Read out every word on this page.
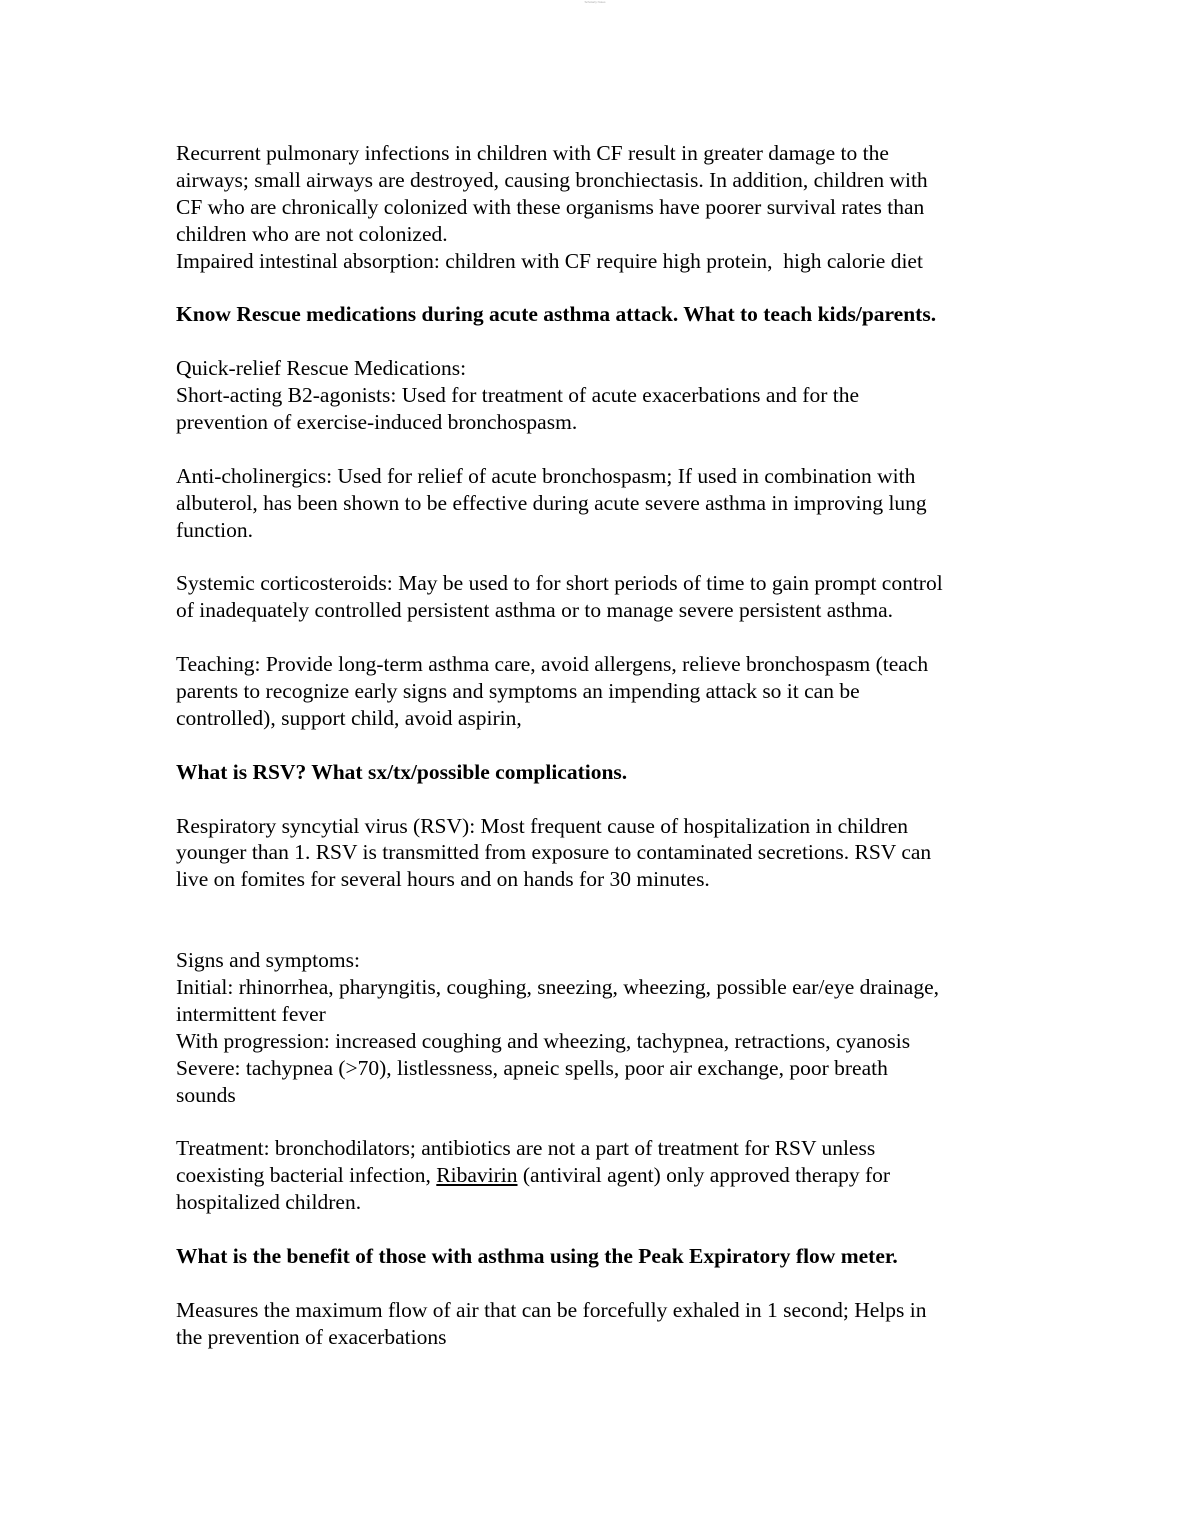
Scholarly Notes

Recurrent pulmonary infections in children with CF result in greater damage to the

airways; small airways are destroyed, causing bronchiectasis. In addition, children with

CF who are chronically colonized with these organisms have poorer survival rates than

children who are not colonized.

Impaired intestinal absorption: children with CF require high protein,  high calorie diet

Know Rescue medications during acute asthma attack. What to teach kids/parents.

Quick-relief Rescue Medications:

Short-acting B2-agonists: Used for treatment of acute exacerbations and for the

prevention of exercise-induced bronchospasm.

Anti-cholinergics: Used for relief of acute bronchospasm; If used in combination with

albuterol, has been shown to be effective during acute severe asthma in improving lung

function.

Systemic corticosteroids: May be used to for short periods of time to gain prompt control

of inadequately controlled persistent asthma or to manage severe persistent asthma.

Teaching: Provide long-term asthma care, avoid allergens, relieve bronchospasm (teach

parents to recognize early signs and symptoms an impending attack so it can be

controlled), support child, avoid aspirin,

What is RSV? What sx/tx/possible complications.

Respiratory syncytial virus (RSV): Most frequent cause of hospitalization in children

younger than 1. RSV is transmitted from exposure to contaminated secretions. RSV can

live on fomites for several hours and on hands for 30 minutes.

Signs and symptoms:

Initial: rhinorrhea, pharyngitis, coughing, sneezing, wheezing, possible ear/eye drainage,

intermittent fever

With progression: increased coughing and wheezing, tachypnea, retractions, cyanosis

Severe: tachypnea (>70), listlessness, apneic spells, poor air exchange, poor breath

sounds

Treatment: bronchodilators; antibiotics are not a part of treatment for RSV unless

coexisting bacterial infection, Ribavirin (antiviral agent) only approved therapy for

hospitalized children.

What is the benefit of those with asthma using the Peak Expiratory flow meter.

Measures the maximum flow of air that can be forcefully exhaled in 1 second; Helps in

the prevention of exacerbations
